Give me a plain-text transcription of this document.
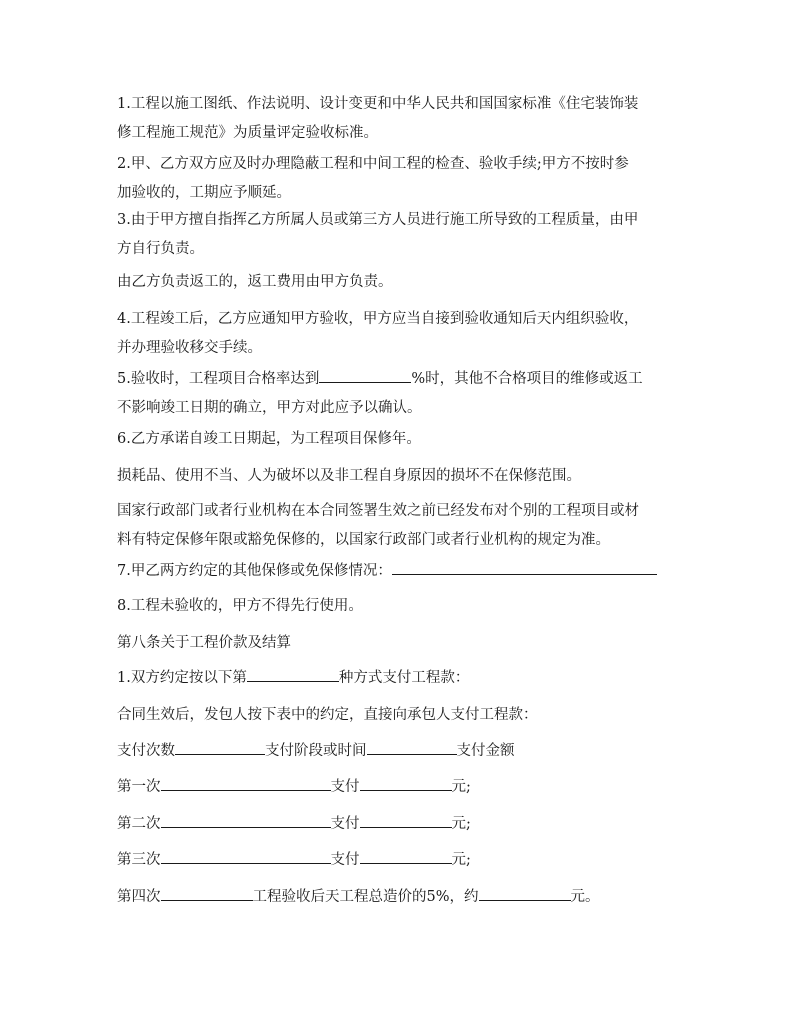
1.工程以施工图纸、作法说明、设计变更和中华人民共和国国家标准《住宅装饰装
修工程施工规范》为质量评定验收标准。

2.甲、乙方双方应及时办理隐蔽工程和中间工程的检查、验收手续;甲方不按时参
加验收的，工期应予顺延。

3.由于甲方擅自指挥乙方所属人员或第三方人员进行施工所导致的工程质量，由甲
方自行负责。

由乙方负责返工的，返工费用由甲方负责。

4.工程竣工后，乙方应通知甲方验收，甲方应当自接到验收通知后天内组织验收，
并办理验收移交手续。

5.验收时，工程项目合格率达到	%时，其他不合格项目的维修或返工
不影响竣工日期的确立，甲方对此应予以确认。

6.乙方承诺自竣工日期起，为工程项目保修年。

损耗品、使用不当、人为破坏以及非工程自身原因的损坏不在保修范围。

国家行政部门或者行业机构在本合同签署生效之前已经发布对个别的工程项目或材
料有特定保修年限或豁免保修的，以国家行政部门或者行业机构的规定为准。

7.甲乙两方约定的其他保修或免保修情况：

8.工程未验收的，甲方不得先行使用。

第八条关于工程价款及结算

1.双方约定按以下第	种方式支付工程款：

合同生效后，发包人按下表中的约定，直接向承包人支付工程款：

支付次数	支付阶段或时间	支付金额

第一次	支付	元;

第二次	支付	元;

第三次	支付	元;

第四次	工程验收后天工程总造价的5%，约	元。
